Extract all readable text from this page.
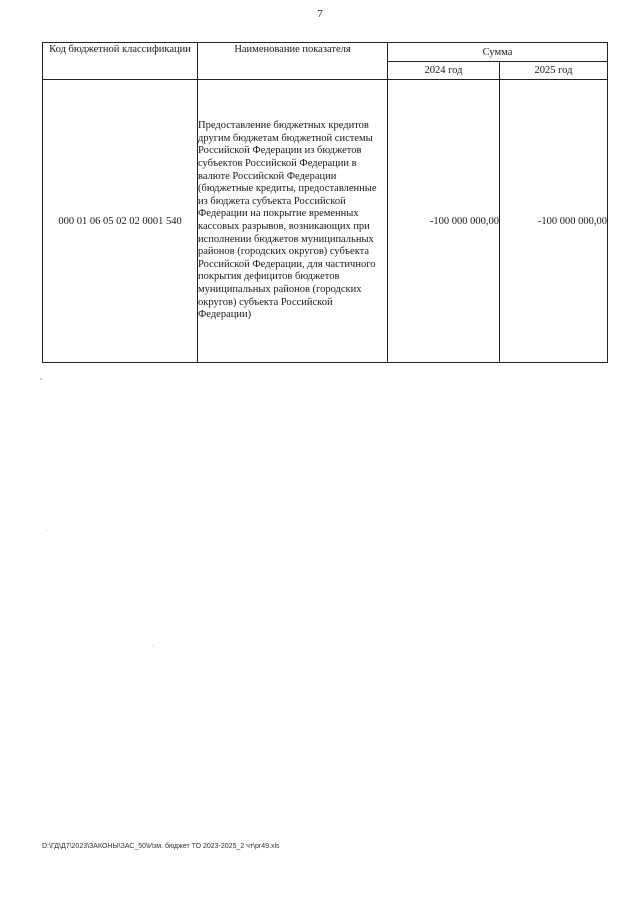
7
Код бюджетной классификации	Наименование показателя	Сумма	
		2024 год	2025 год
000 01 06 05 02 02 0001 540	Предоставление бюджетных кредитов другим бюджетам бюджетной системы Российской Федерации из бюджетов субъектов Российской Федерации в валюте Российской Федерации (бюджетные кредиты, предоставленные из бюджета субъекта Российской Федерации на покрытие временных кассовых разрывов, возникающих при исполнении бюджетов муниципальных районов (городских округов) субъекта Российской Федерации, для частичного покрытия дефицитов бюджетов муниципальных районов (городских округов) субъекта Российской Федерации)	-100 000 000,00	-100 000 000,00
D:\ГД\Д7\2023\ЗАКОНЫ\ЗАС_50\Изм. бюджет ТО 2023-2025_2 чт\pr49.xls
